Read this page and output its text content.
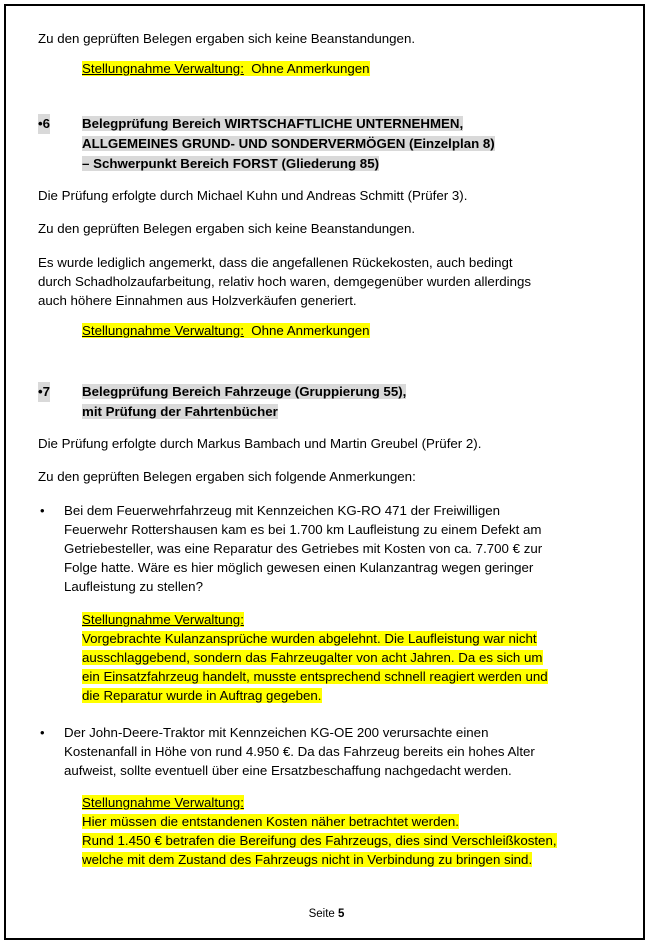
Zu den geprüften Belegen ergaben sich keine Beanstandungen.

Stellungnahme Verwaltung:  Ohne Anmerkungen

•6 Belegprüfung Bereich WIRTSCHAFTLICHE UNTERNEHMEN,
ALLGEMEINES GRUND- UND SONDERVERMÖGEN (Einzelplan 8)
– Schwerpunkt Bereich FORST (Gliederung 85)

Die Prüfung erfolgte durch Michael Kuhn und Andreas Schmitt (Prüfer 3).

Zu den geprüften Belegen ergaben sich keine Beanstandungen.

Es wurde lediglich angemerkt, dass die angefallenen Rückekosten, auch bedingt
durch Schadholzaufarbeitung, relativ hoch waren, demgegenüber wurden allerdings
auch höhere Einnahmen aus Holzverkäufen generiert.

Stellungnahme Verwaltung:  Ohne Anmerkungen

•7 Belegprüfung Bereich Fahrzeuge (Gruppierung 55),
mit Prüfung der Fahrtenbücher

Die Prüfung erfolgte durch Markus Bambach und Martin Greubel (Prüfer 2).

Zu den geprüften Belegen ergaben sich folgende Anmerkungen:

• Bei dem Feuerwehrfahrzeug mit Kennzeichen KG-RO 471 der Freiwilligen
Feuerwehr Rottershausen kam es bei 1.700 km Laufleistung zu einem Defekt am
Getriebesteller, was eine Reparatur des Getriebes mit Kosten von ca. 7.700 € zur
Folge hatte. Wäre es hier möglich gewesen einen Kulanzantrag wegen geringer
Laufleistung zu stellen?

Stellungnahme Verwaltung:
Vorgebrachte Kulanzansprüche wurden abgelehnt. Die Laufleistung war nicht
ausschlaggebend, sondern das Fahrzeugalter von acht Jahren. Da es sich um
ein Einsatzfahrzeug handelt, musste entsprechend schnell reagiert werden und
die Reparatur wurde in Auftrag gegeben.

• Der John-Deere-Traktor mit Kennzeichen KG-OE 200 verursachte einen
Kostenanfall in Höhe von rund 4.950 €. Da das Fahrzeug bereits ein hohes Alter
aufweist, sollte eventuell über eine Ersatzbeschaffung nachgedacht werden.

Stellungnahme Verwaltung:
Hier müssen die entstandenen Kosten näher betrachtet werden.
Rund 1.450 € betrafen die Bereifung des Fahrzeugs, dies sind Verschleißkosten,
welche mit dem Zustand des Fahrzeugs nicht in Verbindung zu bringen sind.

Seite 5
